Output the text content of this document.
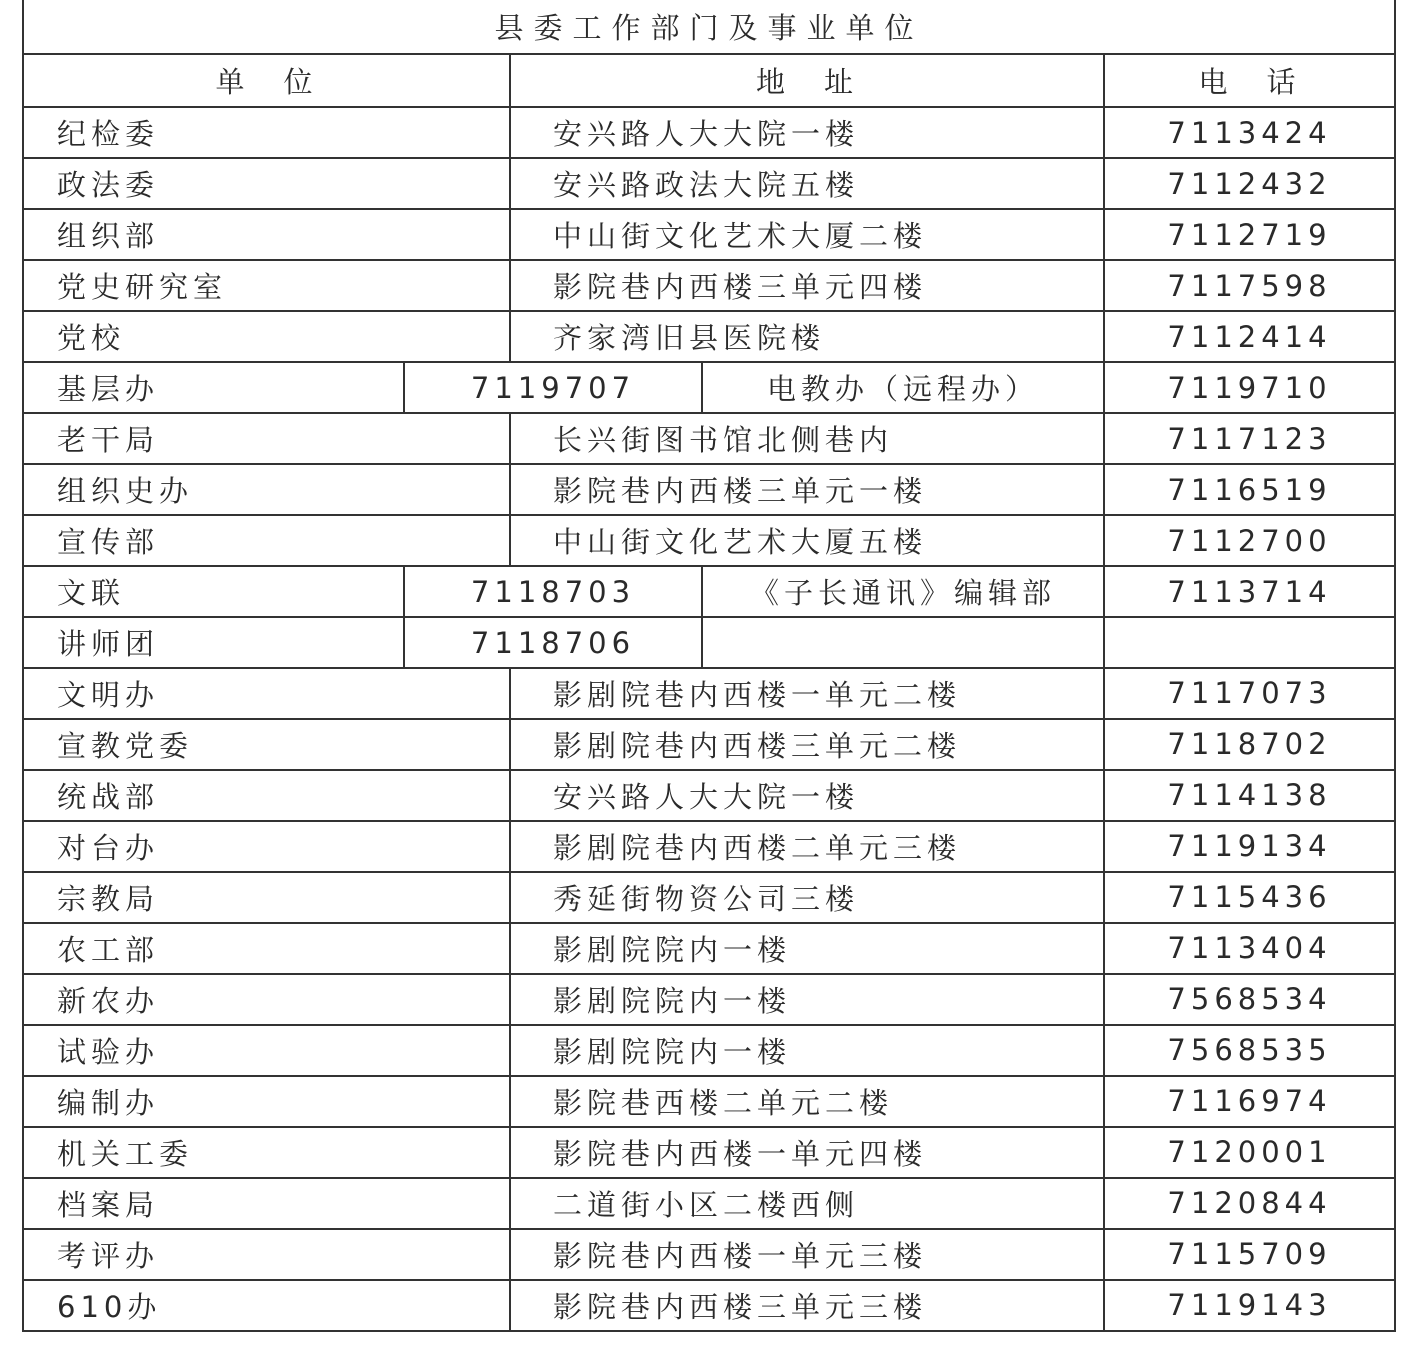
县委工作部门及事业单位				
单　位		地　址		电　话
纪检委		安兴路人大大院一楼		7113424
政法委		安兴路政法大院五楼		7112432
组织部		中山街文化艺术大厦二楼		7112719
党史研究室		影院巷内西楼三单元四楼		7117598
党校		齐家湾旧县医院楼		7112414
基层办	7119707		电教办（远程办）	7119710
老干局		长兴街图书馆北侧巷内		7117123
组织史办		影院巷内西楼三单元一楼		7116519
宣传部		中山街文化艺术大厦五楼		7112700
文联	7118703		《子长通讯》编辑部	7113714
讲师团	7118706			
文明办		影剧院巷内西楼一单元二楼		7117073
宣教党委		影剧院巷内西楼三单元二楼		7118702
统战部		安兴路人大大院一楼		7114138
对台办		影剧院巷内西楼二单元三楼		7119134
宗教局		秀延街物资公司三楼		7115436
农工部		影剧院院内一楼		7113404
新农办		影剧院院内一楼		7568534
试验办		影剧院院内一楼		7568535
编制办		影院巷西楼二单元二楼		7116974
机关工委		影院巷内西楼一单元四楼		7120001
档案局		二道街小区二楼西侧		7120844
考评办		影院巷内西楼一单元三楼		7115709
610办		影院巷内西楼三单元三楼		7119143
